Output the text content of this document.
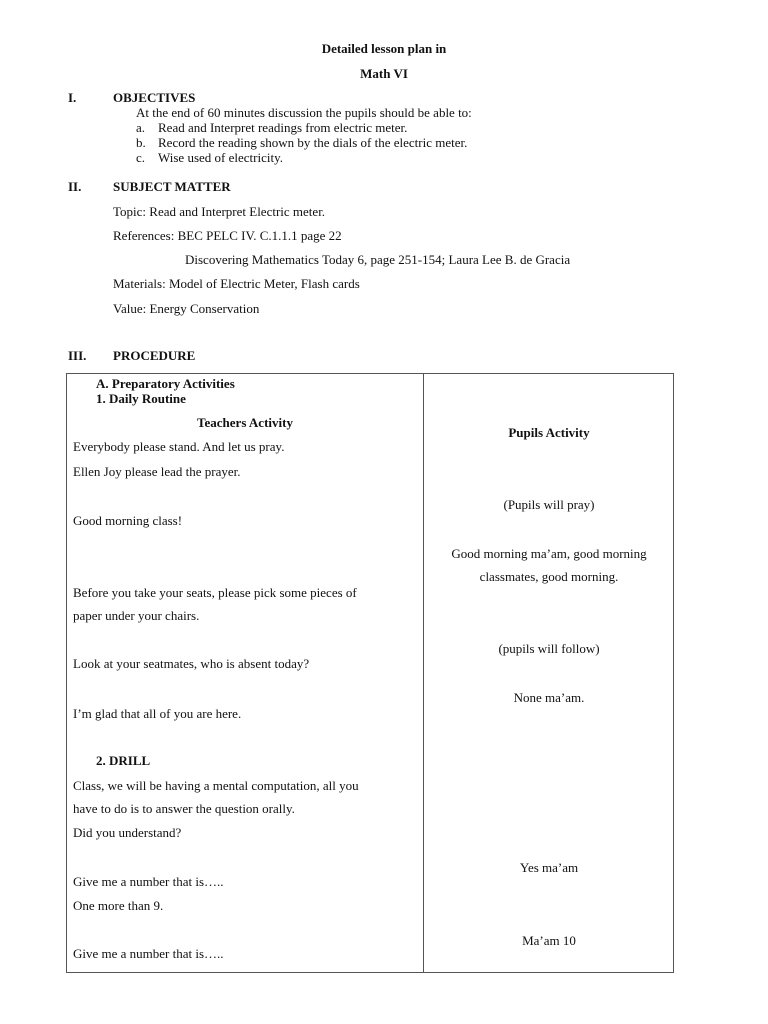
Detailed lesson plan in
Math VI
I.	OBJECTIVES
At the end of 60 minutes discussion the pupils should be able to:
a. Read and Interpret readings from electric meter.
b. Record the reading shown by the dials of the electric meter.
c. Wise used of electricity.
II. SUBJECT MATTER
Topic: Read and Interpret Electric meter.
References: BEC PELC IV. C.1.1.1 page 22
Discovering Mathematics Today 6, page 251-154; Laura Lee B. de Gracia
Materials: Model of Electric Meter, Flash cards
Value: Energy Conservation
III. PROCEDURE
A. Preparatory Activities
1. Daily Routine
Teachers Activity
Everybody please stand. And let us pray.
Ellen Joy please lead the prayer.
Good morning class!
Before you take your seats, please pick some pieces of
paper under your chairs.
Look at your seatmates, who is absent today?
I’m glad that all of you are here.
2. DRILL
Class, we will be having a mental computation, all you
have to do is to answer the question orally.
Did you understand?
Give me a number that is…..
One more than 9.
Give me a number that is…..
Pupils Activity
(Pupils will pray)
Good morning ma’am, good morning
classmates, good morning.
(pupils will follow)
None ma’am.
Yes ma’am
Ma’am 10
